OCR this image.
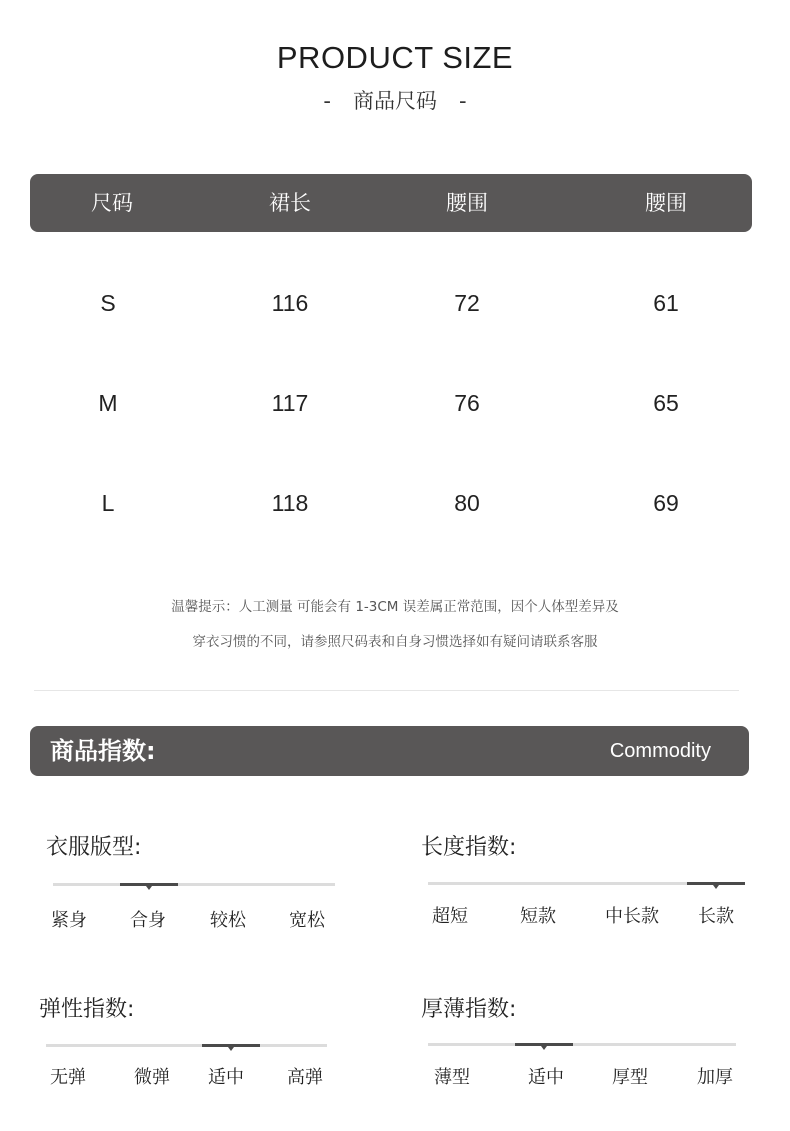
PRODUCT SIZE
- 商品尺码 -
尺码	裙长	腰围	腰围
S	116	72	61
M	117	76	65
L	118	80	69
温馨提示：人工测量 可能会有 1-3CM 误差属正常范围，因个人体型差异及
穿衣习惯的不同，请参照尺码表和自身习惯选择如有疑问请联系客服
商品指数:	Commodity
衣服版型:
紧身	合身	较松	宽松
长度指数:
超短	短款	中长款	长款
弹性指数:
无弹	微弹	适中	高弹
厚薄指数:
薄型	适中	厚型	加厚
